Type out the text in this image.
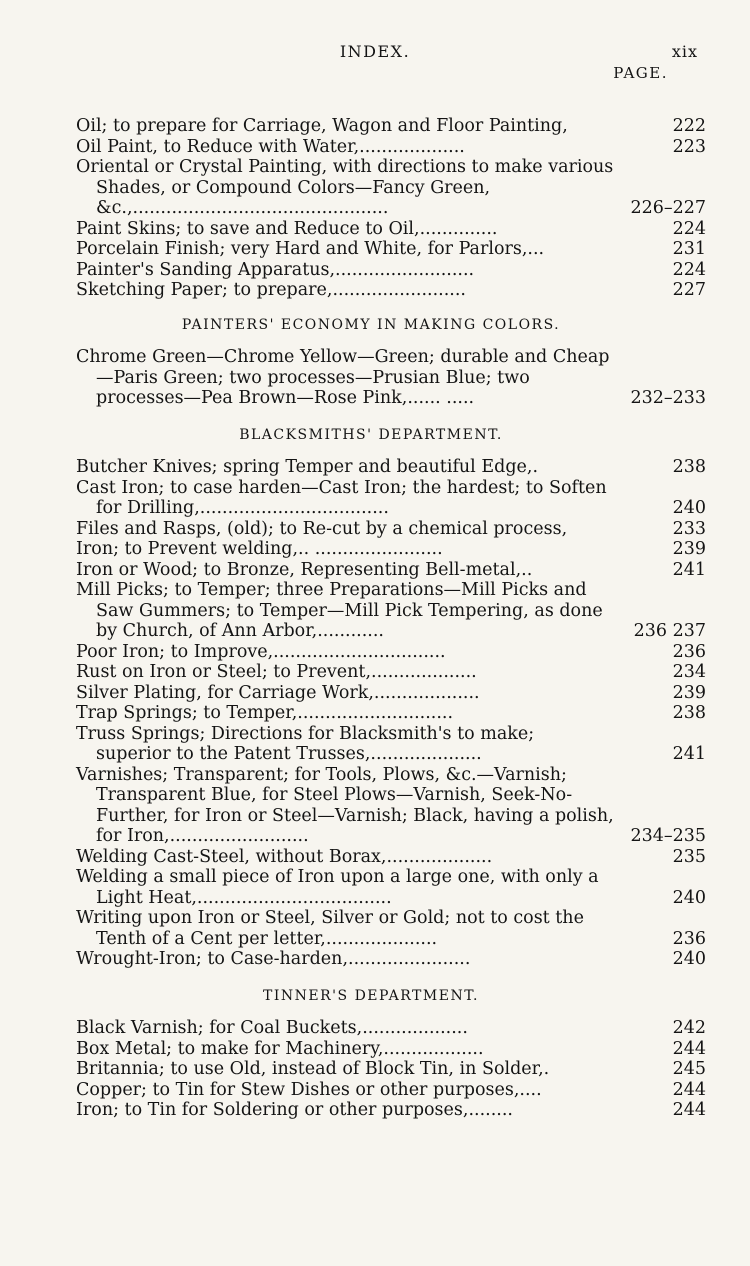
INDEX.	xix
PAGE.
Oil; to prepare for Carriage, Wagon and Floor Painting,	222
Oil Paint, to Reduce with Water,...................	223
Oriental or Crystal Painting, with directions to make various Shades, or Compound Colors—Fancy Green, &c.,..............................................	226–227
Paint Skins; to save and Reduce to Oil,..............	224
Porcelain Finish; very Hard and White, for Parlors,...	231
Painter's Sanding Apparatus,.........................	224
Sketching Paper; to prepare,........................	227
PAINTERS' ECONOMY IN MAKING COLORS.
Chrome Green—Chrome Yellow—Green; durable and Cheap—Paris Green; two processes—Prusian Blue; two processes—Pea Brown—Rose Pink,...... .....	232–233
BLACKSMITHS' DEPARTMENT.
Butcher Knives; spring Temper and beautiful Edge,.	238
Cast Iron; to case harden—Cast Iron; the hardest; to Soften for Drilling,..................................	240
Files and Rasps, (old); to Re-cut by a chemical process,	233
Iron; to Prevent welding,.. .......................	239
Iron or Wood; to Bronze, Representing Bell-metal,..	241
Mill Picks; to Temper; three Preparations—Mill Picks and Saw Gummers; to Temper—Mill Pick Tempering, as done by Church, of Ann Arbor,............	236 237
Poor Iron; to Improve,...............................	236
Rust on Iron or Steel; to Prevent,...................	234
Silver Plating, for Carriage Work,...................	239
Trap Springs; to Temper,............................	238
Truss Springs; Directions for Blacksmith's to make; superior to the Patent Trusses,....................	241
Varnishes; Transparent; for Tools, Plows, &c.—Varnish; Transparent Blue, for Steel Plows—Varnish, Seek-No-Further, for Iron or Steel—Varnish; Black, having a polish, for Iron,.........................	234–235
Welding Cast-Steel, without Borax,...................	235
Welding a small piece of Iron upon a large one, with only a Light Heat,...................................	240
Writing upon Iron or Steel, Silver or Gold; not to cost the Tenth of a Cent per letter,....................	236
Wrought-Iron; to Case-harden,......................	240
TINNER'S DEPARTMENT.
Black Varnish; for Coal Buckets,...................	242
Box Metal; to make for Machinery,..................	244
Britannia; to use Old, instead of Block Tin, in Solder,.	245
Copper; to Tin for Stew Dishes or other purposes,....	244
Iron; to Tin for Soldering or other purposes,........	244
